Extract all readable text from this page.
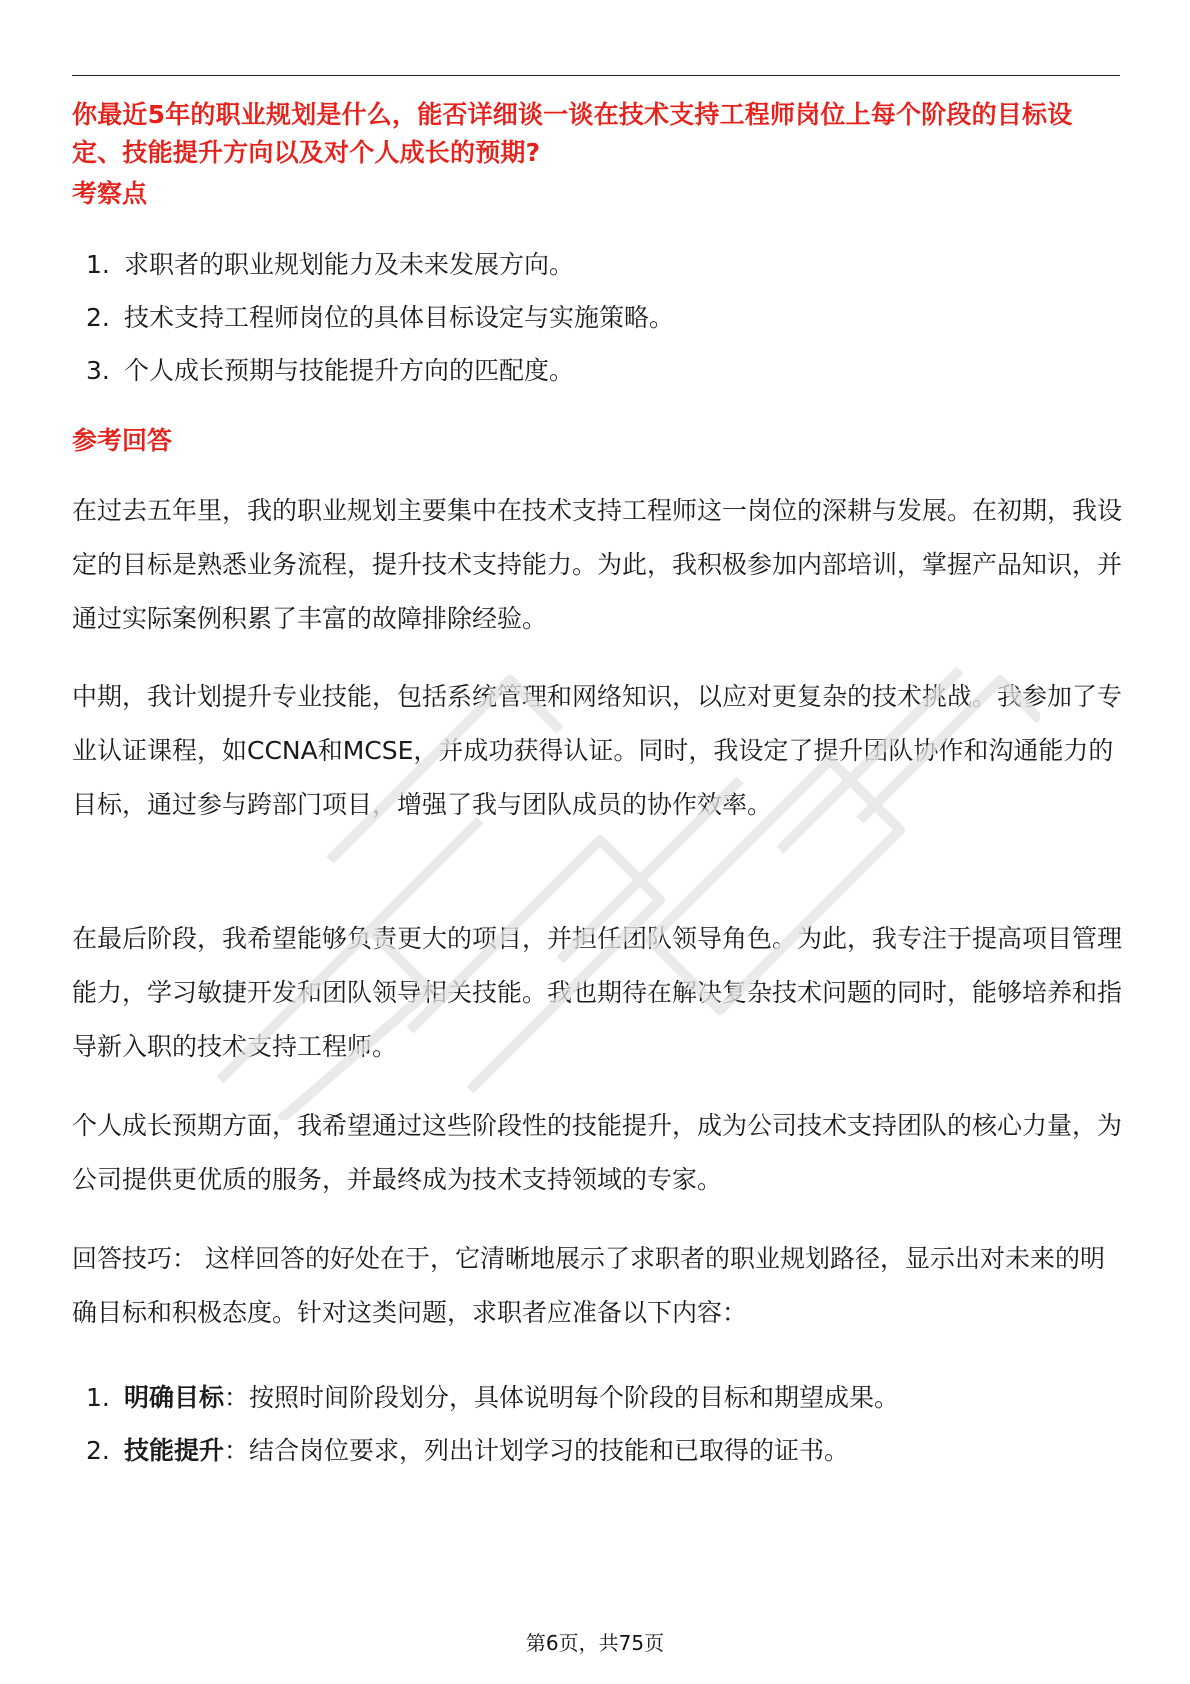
你最近5年的职业规划是什么，能否详细谈一谈在技术支持工程师岗位上每个阶段的目标设定、技能提升方向以及对个人成长的预期?
考察点
1. 求职者的职业规划能力及未来发展方向。
2. 技术支持工程师岗位的具体目标设定与实施策略。
3. 个人成长预期与技能提升方向的匹配度。
参考回答

在过去五年里，我的职业规划主要集中在技术支持工程师这一岗位的深耕与发展。在初期，我设定的目标是熟悉业务流程，提升技术支持能力。为此，我积极参加内部培训，掌握产品知识，并通过实际案例积累了丰富的故障排除经验。

中期，我计划提升专业技能，包括系统管理和网络知识，以应对更复杂的技术挑战。我参加了专业认证课程，如CCNA和MCSE，并成功获得认证。同时，我设定了提升团队协作和沟通能力的目标，通过参与跨部门项目，增强了我与团队成员的协作效率。

在最后阶段，我希望能够负责更大的项目，并担任团队领导角色。为此，我专注于提高项目管理能力，学习敏捷开发和团队领导相关技能。我也期待在解决复杂技术问题的同时，能够培养和指导新入职的技术支持工程师。

个人成长预期方面，我希望通过这些阶段性的技能提升，成为公司技术支持团队的核心力量，为公司提供更优质的服务，并最终成为技术支持领域的专家。

回答技巧： 这样回答的好处在于，它清晰地展示了求职者的职业规划路径，显示出对未来的明确目标和积极态度。针对这类问题，求职者应准备以下内容：

1. 明确目标：按照时间阶段划分，具体说明每个阶段的目标和期望成果。
2. 技能提升：结合岗位要求，列出计划学习的技能和已取得的证书。
第6页，共75页
